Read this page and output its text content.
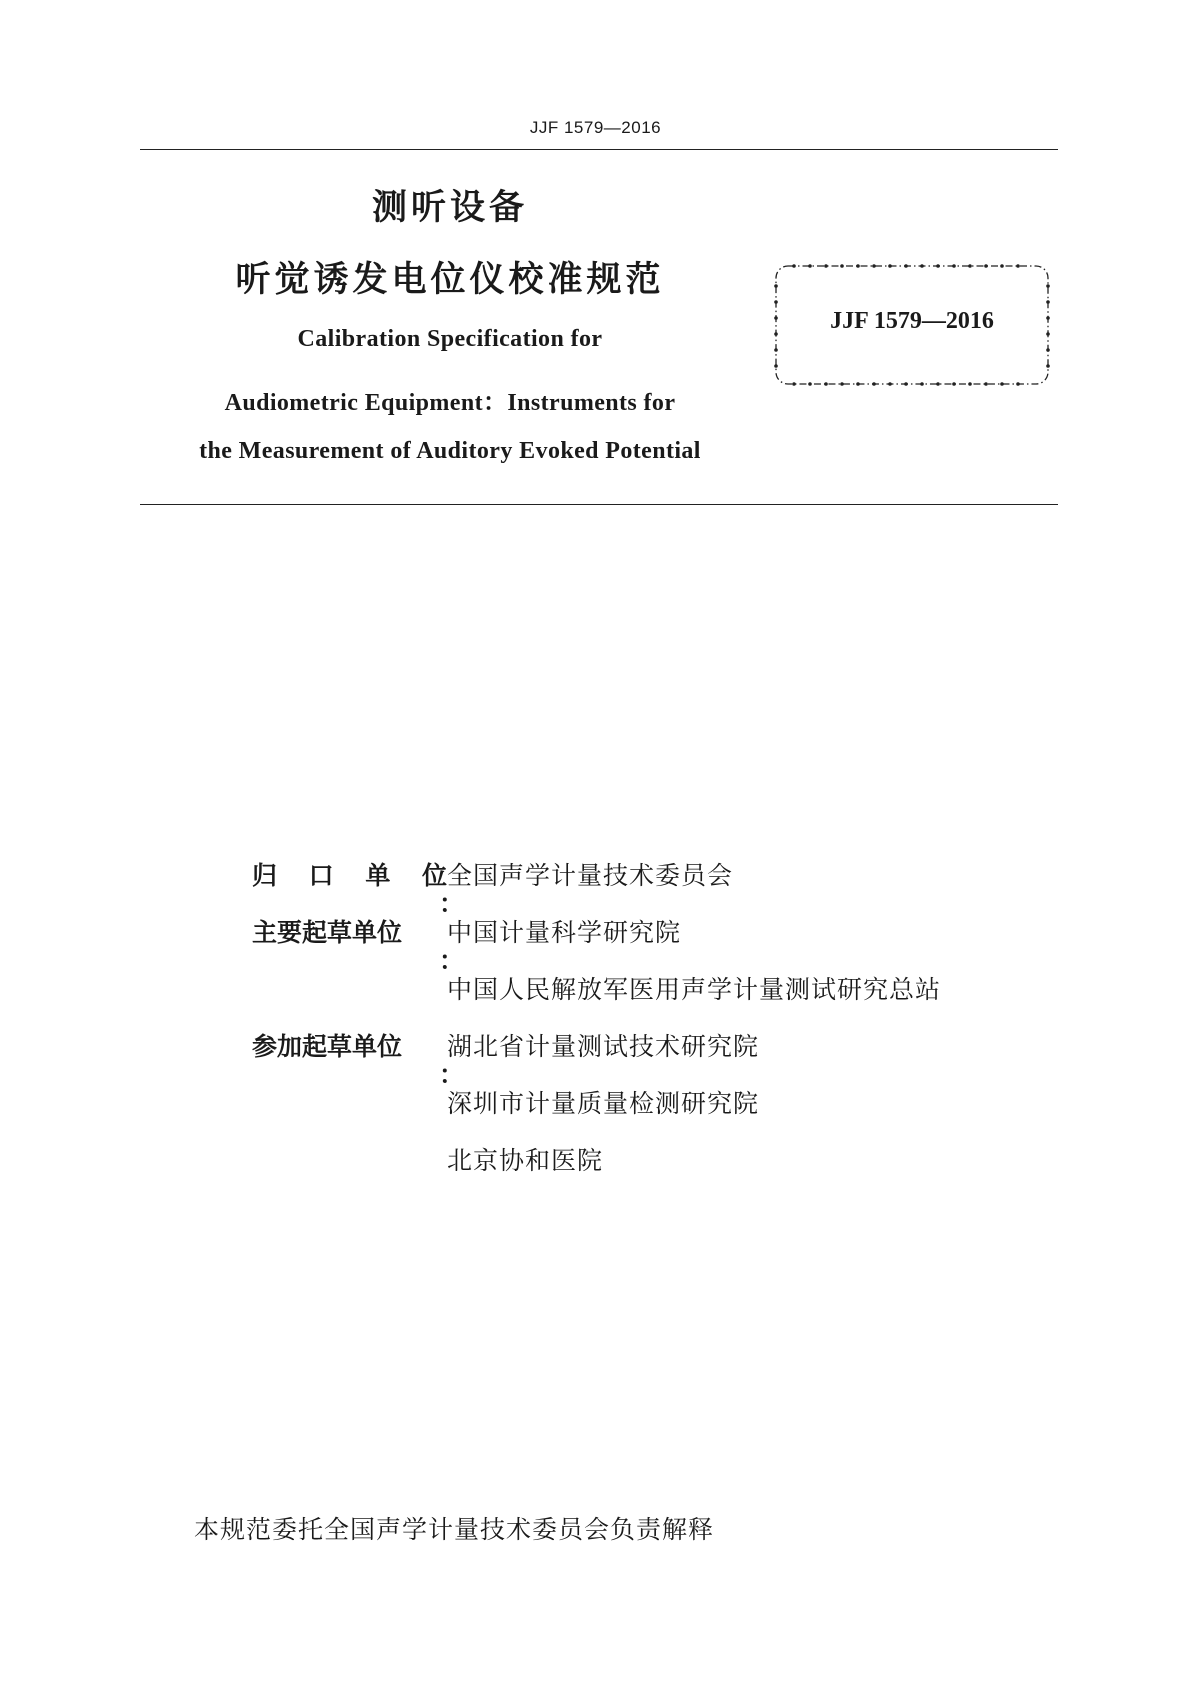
JJF 1579—2016
测听设备
听觉诱发电位仪校准规范
Calibration Specification for
Audiometric Equipment：Instruments for
the Measurement of Auditory Evoked Potential
JJF 1579—2016
归 口 单 位
：
全国声学计量技术委员会
主要起草单位
：
中国计量科学研究院
中国人民解放军医用声学计量测试研究总站
参加起草单位
：
湖北省计量测试技术研究院
深圳市计量质量检测研究院
北京协和医院
本规范委托全国声学计量技术委员会负责解释
